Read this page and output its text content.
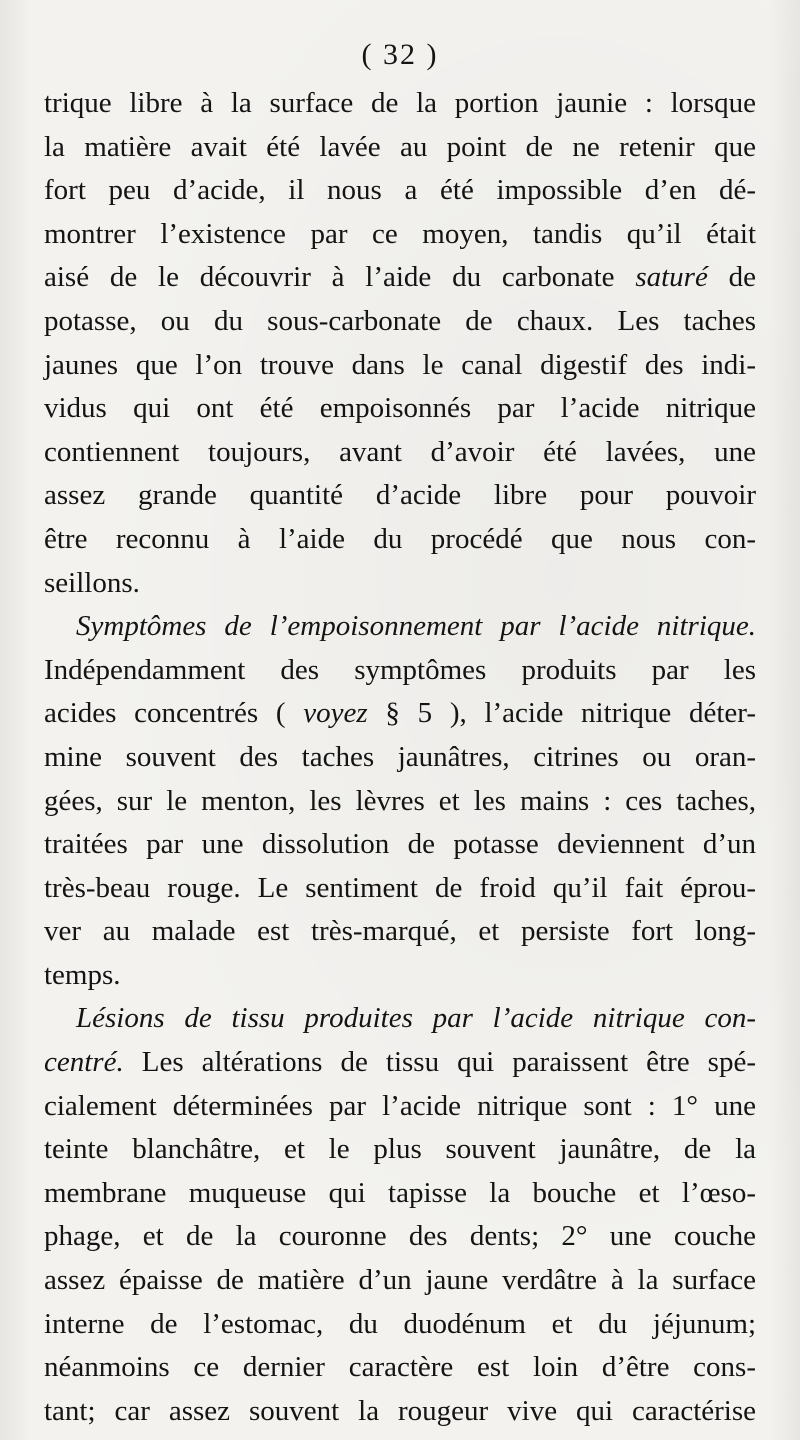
( 32 )
trique libre à la surface de la portion jaunie : lorsque
la matière avait été lavée au point de ne retenir que
fort peu d’acide, il nous a été impossible d’en dé-
montrer l’existence par ce moyen, tandis qu’il était
aisé de le découvrir à l’aide du carbonate saturé de
potasse, ou du sous-carbonate de chaux. Les taches
jaunes que l’on trouve dans le canal digestif des indi-
vidus qui ont été empoisonnés par l’acide nitrique
contiennent toujours, avant d’avoir été lavées, une
assez grande quantité d’acide libre pour pouvoir
être reconnu à l’aide du procédé que nous con-
seillons.
Symptômes de l’empoisonnement par l’acide nitrique.
Indépendamment des symptômes produits par les
acides concentrés ( voyez § 5 ), l’acide nitrique déter-
mine souvent des taches jaunâtres, citrines ou oran-
gées, sur le menton, les lèvres et les mains : ces taches,
traitées par une dissolution de potasse deviennent d’un
très-beau rouge. Le sentiment de froid qu’il fait éprou-
ver au malade est très-marqué, et persiste fort long-
temps.
Lésions de tissu produites par l’acide nitrique con-
centré. Les altérations de tissu qui paraissent être spé-
cialement déterminées par l’acide nitrique sont : 1° une
teinte blanchâtre, et le plus souvent jaunâtre, de la
membrane muqueuse qui tapisse la bouche et l’œso-
phage, et de la couronne des dents; 2° une couche
assez épaisse de matière d’un jaune verdâtre à la surface
interne de l’estomac, du duodénum et du jéjunum;
néanmoins ce dernier caractère est loin d’être cons-
tant; car assez souvent la rougeur vive qui caractérise
